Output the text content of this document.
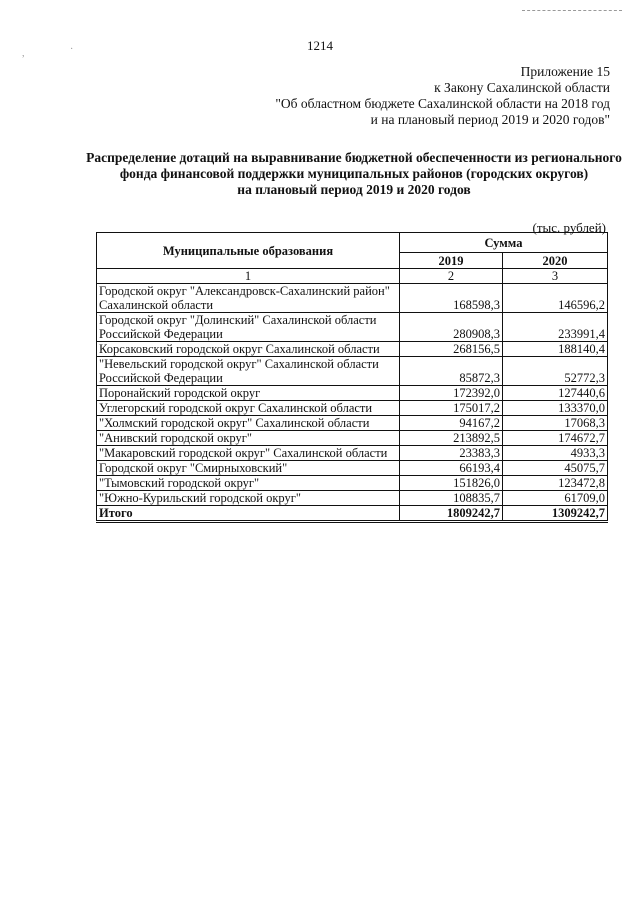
,	·	1214
Приложение 15
к Закону Сахалинской области
"Об областном бюджете Сахалинской области на 2018 год
и на плановый период 2019 и 2020 годов"
Распределение дотаций на выравнивание бюджетной обеспеченности из регионального
фонда финансовой поддержки муниципальных районов (городских округов)
на плановый период 2019 и 2020 годов
(тыс. рублей)
Муниципальные образования	Сумма	
	2019	2020
1	2	3
Городской округ "Александровск-Сахалинский район" Сахалинской области	168598,3	146596,2
Городской округ "Долинский" Сахалинской области Российской Федерации	280908,3	233991,4
Корсаковский городской округ Сахалинской области	268156,5	188140,4
"Невельский городской округ" Сахалинской области Российской Федерации	85872,3	52772,3
Поронайский городской округ	172392,0	127440,6
Углегорский городской округ Сахалинской области	175017,2	133370,0
"Холмский городской округ" Сахалинской области	94167,2	17068,3
"Анивский городской округ"	213892,5	174672,7
"Макаровский городской округ" Сахалинской области	23383,3	4933,3
Городской округ "Смирныховский"	66193,4	45075,7
"Тымовский городской округ"	151826,0	123472,8
"Южно-Курильский городской округ"	108835,7	61709,0
Итого	1809242,7	1309242,7
